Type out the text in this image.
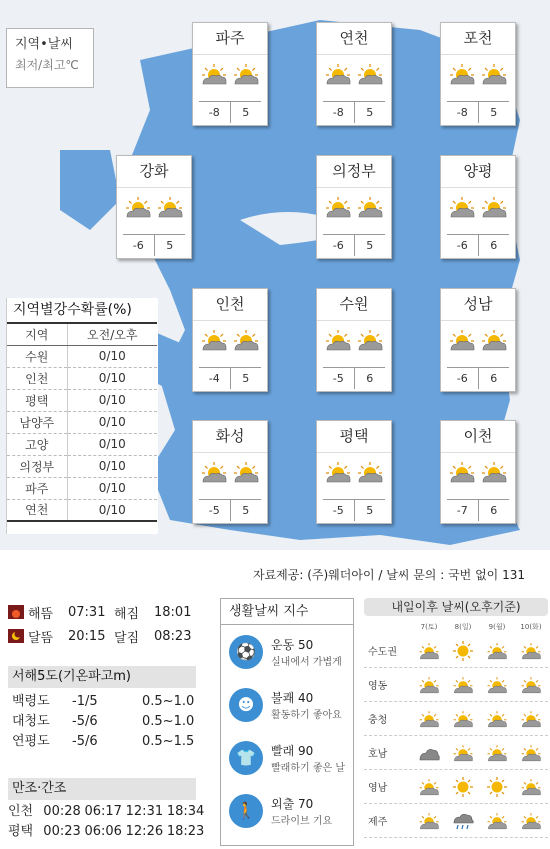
지역•날씨
최저/최고℃
파주
-8	5
연천
-8	5
포천
-8	5
강화
-6	5
의정부
-6	5
양평
-6	6
인천
-4	5
수원
-5	6
성남
-6	6
화성
-5	5
평택
-5	5
이천
-7	6
지역별강수확률(%)
지역	오전/오후
수원	0/10
인천	0/10
평택	0/10
남양주	0/10
고양	0/10
의정부	0/10
파주	0/10
연천	0/10
자료제공: (주)웨더아이 / 날씨 문의 : 국번 없이 131
해뜸	07:31 해짐	18:01
달뜸	20:15 달짐	08:23
서해5도(기온파고m)
백령도	-1/5	0.5~1.0
대청도	-5/6	0.5~1.0
연평도	-5/6	0.5~1.5
만조·간조
인천 00:28 06:17 12:31 18:34
평택 00:23 06:06 12:26 18:23
생활날씨 지수
⚽	운동 50
실내에서 가볍게
☻	불쾌 40
활동하기 좋아요
👕	빨래 90
빨래하기 좋은 날
🚶	외출 70
드라이브 기요
내일이후 날씨(오후기준)
7(토)	8(일)	9(월)	10(화)
수도권
영동
충청
호남
영남
제주
